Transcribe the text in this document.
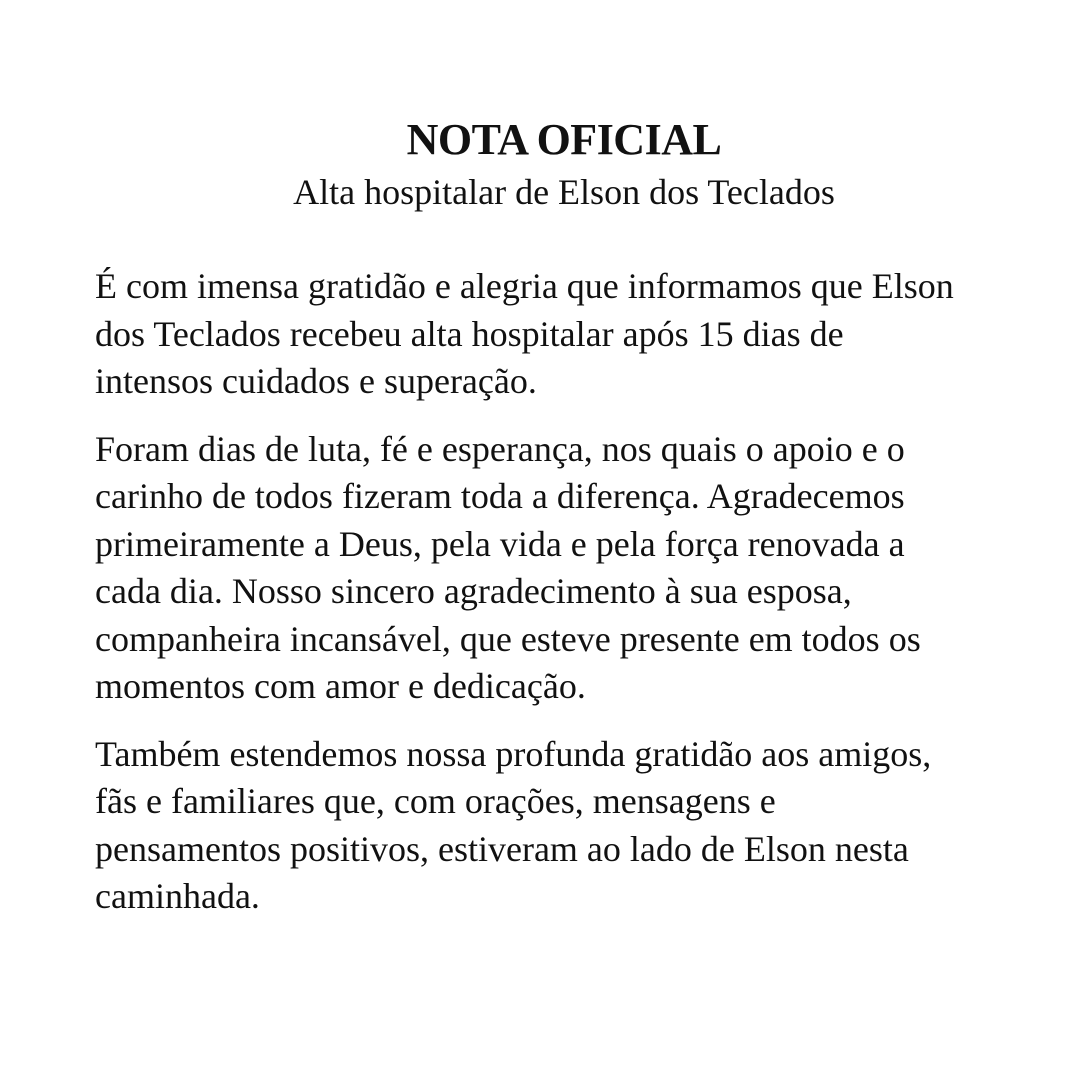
NOTA OFICIAL
Alta hospitalar de Elson dos Teclados

É com imensa gratidão e alegria que informamos que Elson
dos Teclados recebeu alta hospitalar após 15 dias de
intensos cuidados e superação.

Foram dias de luta, fé e esperança, nos quais o apoio e o
carinho de todos fizeram toda a diferença. Agradecemos
primeiramente a Deus, pela vida e pela força renovada a
cada dia. Nosso sincero agradecimento à sua esposa,
companheira incansável, que esteve presente em todos os
momentos com amor e dedicação.

Também estendemos nossa profunda gratidão aos amigos,
fãs e familiares que, com orações, mensagens e
pensamentos positivos, estiveram ao lado de Elson nesta
caminhada.
